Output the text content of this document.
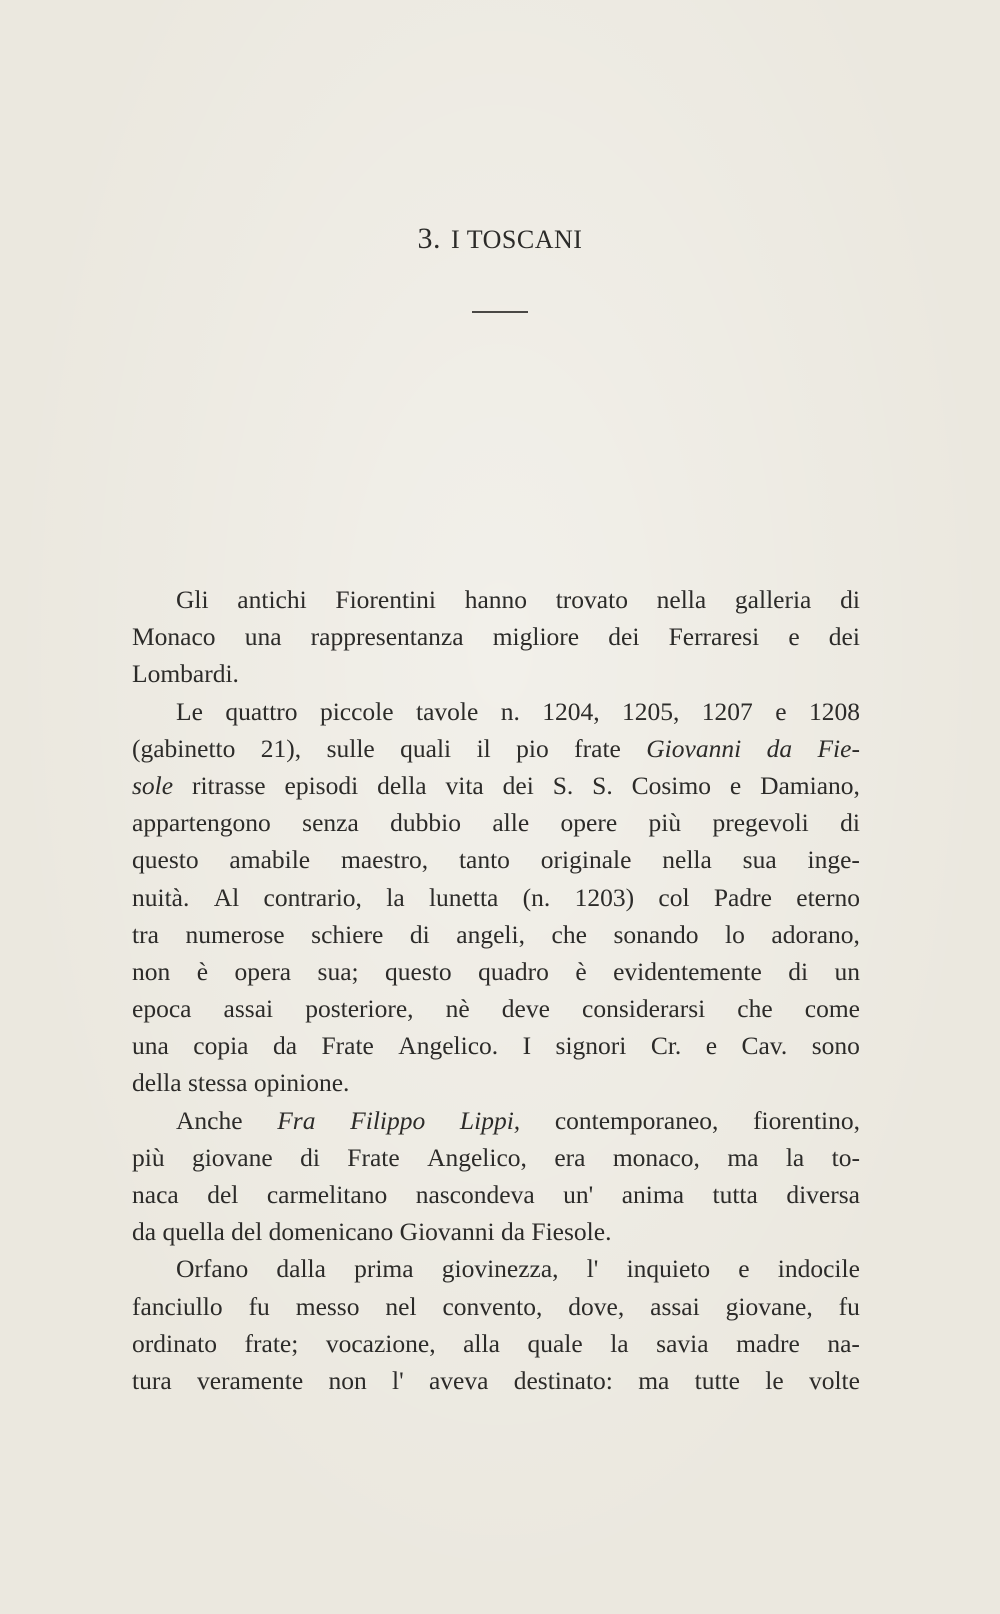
3. I TOSCANI

Gli antichi Fiorentini hanno trovato nella galleria di
Monaco una rappresentanza migliore dei Ferraresi e dei
Lombardi.

Le quattro piccole tavole n. 1204, 1205, 1207 e 1208
(gabinetto 21), sulle quali il pio frate Giovanni da Fie-
sole ritrasse episodi della vita dei S. S. Cosimo e Damiano,
appartengono senza dubbio alle opere più pregevoli di
questo amabile maestro, tanto originale nella sua inge-
nuità. Al contrario, la lunetta (n. 1203) col Padre eterno
tra numerose schiere di angeli, che sonando lo adorano,
non è opera sua; questo quadro è evidentemente di un
epoca assai posteriore, nè deve considerarsi che come
una copia da Frate Angelico. I signori Cr. e Cav. sono
della
stessa
opinione.

Anche Fra Filippo Lippi, contemporaneo, fiorentino,
più giovane di Frate Angelico, era monaco, ma la to-
naca del carmelitano nascondeva un' anima tutta diversa
da
quella
del
domenicano
Giovanni
da
Fiesole.

Orfano dalla prima giovinezza, l' inquieto e indocile
fanciullo fu messo nel convento, dove, assai giovane, fu
ordinato frate; vocazione, alla quale la savia madre na-
tura veramente non l' aveva destinato: ma tutte le volte
